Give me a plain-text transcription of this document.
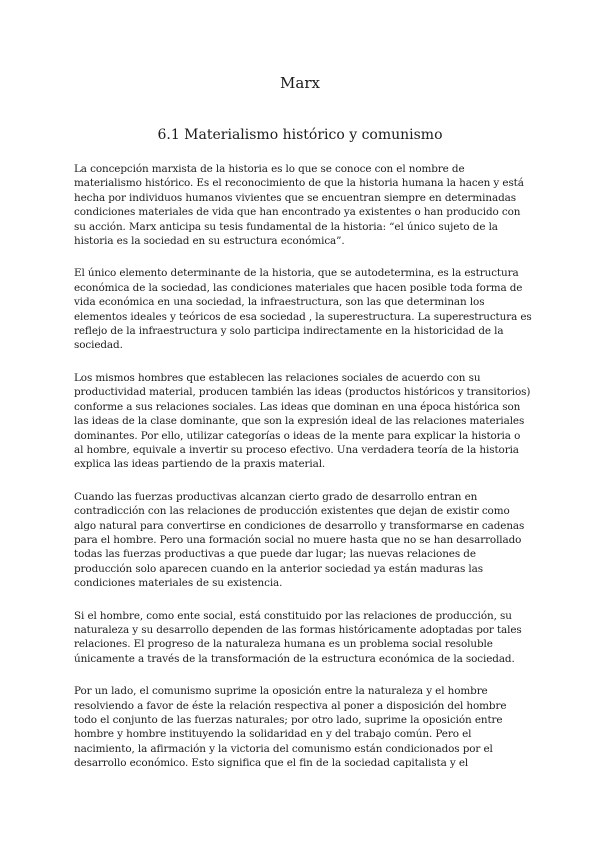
Marx
6.1 Materialismo histórico y comunismo

La concepción marxista de la historia es lo que se conoce con el nombre de materialismo histórico. Es el reconocimiento de que la historia humana la hacen y está hecha por individuos humanos vivientes que se encuentran siempre en determinadas condiciones materiales de vida que han encontrado ya existentes o han producido con su acción. Marx anticipa su tesis fundamental de la historia: “el único sujeto de la historia es la sociedad en su estructura económica”.

El único elemento determinante de la historia, que se autodetermina, es la estructura económica de la sociedad, las condiciones materiales que hacen posible toda forma de vida económica en una sociedad, la infraestructura, son las que determinan los elementos ideales y teóricos de esa sociedad , la superestructura. La superestructura es reflejo de la infraestructura y solo participa indirectamente en la historicidad de la sociedad.

Los mismos hombres que establecen las relaciones sociales de acuerdo con su productividad material, producen también las ideas (productos históricos y transitorios) conforme a sus relaciones sociales. Las ideas que dominan en una época histórica son las ideas de la clase dominante, que son la expresión ideal de las relaciones materiales dominantes. Por ello, utilizar categorías o ideas de la mente para explicar la historia o al hombre, equivale a invertir su proceso efectivo. Una verdadera teoría de la historia explica las ideas partiendo de la praxis material.

Cuando las fuerzas productivas alcanzan cierto grado de desarrollo entran en contradicción con las relaciones de producción existentes que dejan de existir como algo natural para convertirse en condiciones de desarrollo y transformarse en cadenas para el hombre. Pero una formación social no muere hasta que no se han desarrollado todas las fuerzas productivas a que puede dar lugar; las nuevas relaciones de producción solo aparecen cuando en la anterior sociedad ya están maduras las condiciones materiales de su existencia.

Si el hombre, como ente social, está constituido por las relaciones de producción, su naturaleza y su desarrollo dependen de las formas históricamente adoptadas por tales relaciones. El progreso de la naturaleza humana es un problema social resoluble únicamente a través de la transformación de la estructura económica de la sociedad.

Por un lado, el comunismo suprime la oposición entre la naturaleza y el hombre resolviendo a favor de éste la relación respectiva al poner a disposición del hombre todo el conjunto de las fuerzas naturales; por otro lado, suprime la oposición entre hombre y hombre instituyendo la solidaridad en y del trabajo común. Pero el nacimiento, la afirmación y la victoria del comunismo están condicionados por el desarrollo económico. Esto significa que el fin de la sociedad capitalista y el
